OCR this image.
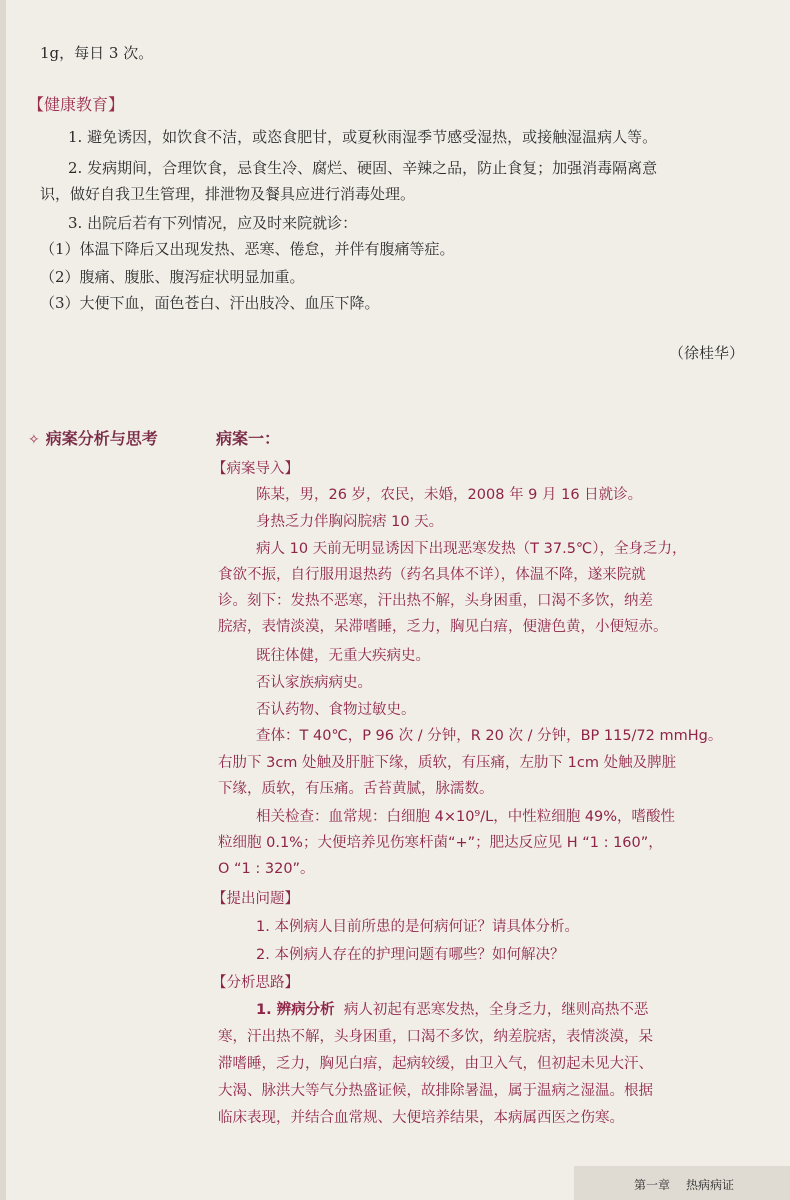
1g，每日 3 次。
【健康教育】
1. 避免诱因，如饮食不洁，或恣食肥甘，或夏秋雨湿季节感受湿热，或接触湿温病人等。
2. 发病期间，合理饮食，忌食生冷、腐烂、硬固、辛辣之品，防止食复；加强消毒隔离意
识，做好自我卫生管理，排泄物及餐具应进行消毒处理。
3. 出院后若有下列情况，应及时来院就诊：
（1）体温下降后又出现发热、恶寒、倦怠，并伴有腹痛等症。
（2）腹痛、腹胀、腹泻症状明显加重。
（3）大便下血，面色苍白、汗出肢冷、血压下降。
（徐桂华）
✧ 病案分析与思考	病案一：
【病案导入】
陈某，男，26 岁，农民，未婚，2008 年 9 月 16 日就诊。
身热乏力伴胸闷脘痞 10 天。
病人 10 天前无明显诱因下出现恶寒发热（T 37.5℃），全身乏力，
食欲不振，自行服用退热药（药名具体不详），体温不降，遂来院就
诊。刻下：发热不恶寒，汗出热不解，头身困重，口渴不多饮，纳差
脘痞，表情淡漠，呆滞嗜睡，乏力，胸见白痦，便溏色黄，小便短赤。
既往体健，无重大疾病史。
否认家族病病史。
否认药物、食物过敏史。
查体：T 40℃，P 96 次 / 分钟，R 20 次 / 分钟，BP 115/72 mmHg。
右肋下 3cm 处触及肝脏下缘，质软，有压痛，左肋下 1cm 处触及脾脏
下缘，质软，有压痛。舌苔黄腻，脉濡数。
相关检查：血常规：白细胞 4×10⁹/L，中性粒细胞 49%，嗜酸性
粒细胞 0.1%；大便培养见伤寒杆菌“+”；肥达反应见 H “1 : 160”，
O “1 : 320”。
【提出问题】
1. 本例病人目前所患的是何病何证？请具体分析。
2. 本例病人存在的护理问题有哪些？如何解决？
【分析思路】
1. 辨病分析 病人初起有恶寒发热，全身乏力，继则高热不恶
寒，汗出热不解，头身困重，口渴不多饮，纳差脘痞，表情淡漠，呆
滞嗜睡，乏力，胸见白痦，起病较缓，由卫入气，但初起未见大汗、
大渴、脉洪大等气分热盛证候，故排除暑温，属于温病之湿温。根据
临床表现，并结合血常规、大便培养结果，本病属西医之伤寒。
第一章 热病病证
